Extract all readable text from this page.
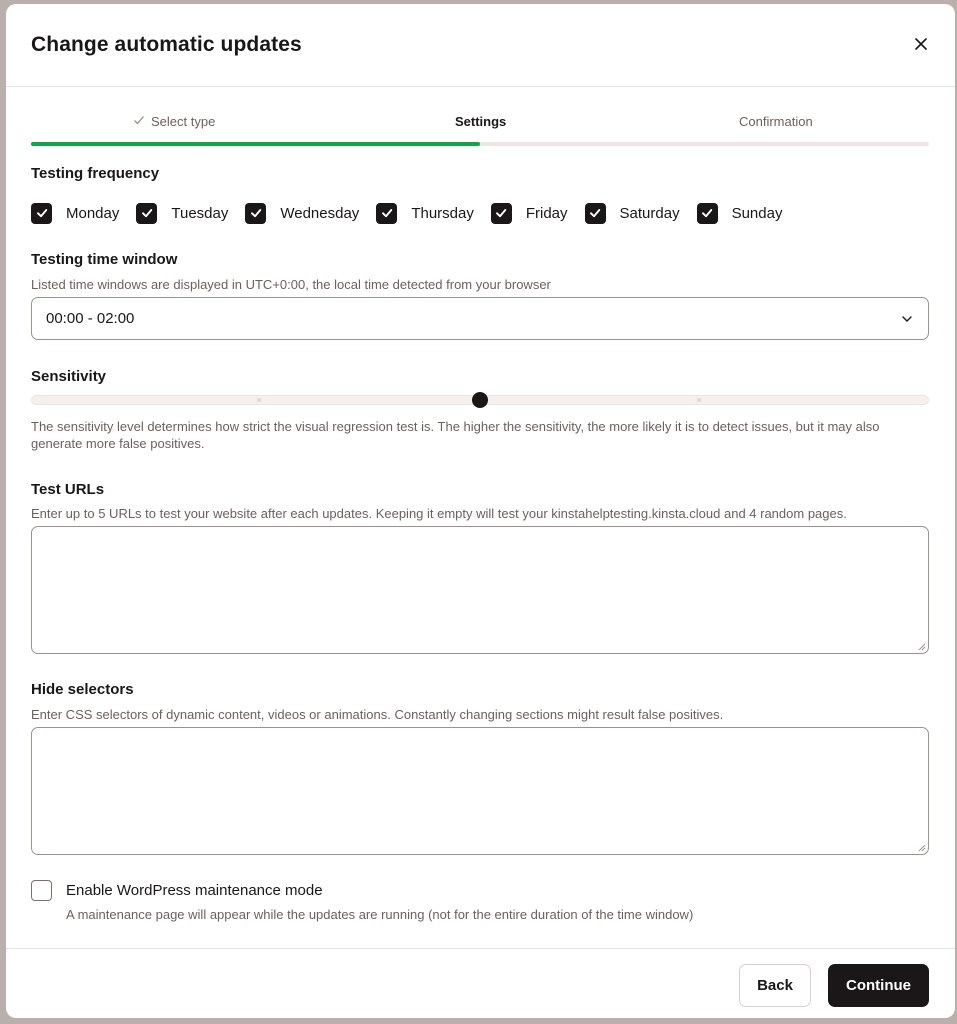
Change automatic updates
Select type	Settings	Confirmation
Testing frequency
Monday	Tuesday	Wednesday	Thursday	Friday	Saturday	Sunday
Testing time window
Listed time windows are displayed in UTC+0:00, the local time detected from your browser
00:00 - 02:00
Sensitivity
The sensitivity level determines how strict the visual regression test is. The higher the sensitivity, the more likely it is to detect issues, but it may also generate more false positives.
Test URLs
Enter up to 5 URLs to test your website after each updates. Keeping it empty will test your kinstahelptesting.kinsta.cloud and 4 random pages.
Hide selectors
Enter CSS selectors of dynamic content, videos or animations. Constantly changing sections might result false positives.
Enable WordPress maintenance mode
A maintenance page will appear while the updates are running (not for the entire duration of the time window)
Back	Continue
